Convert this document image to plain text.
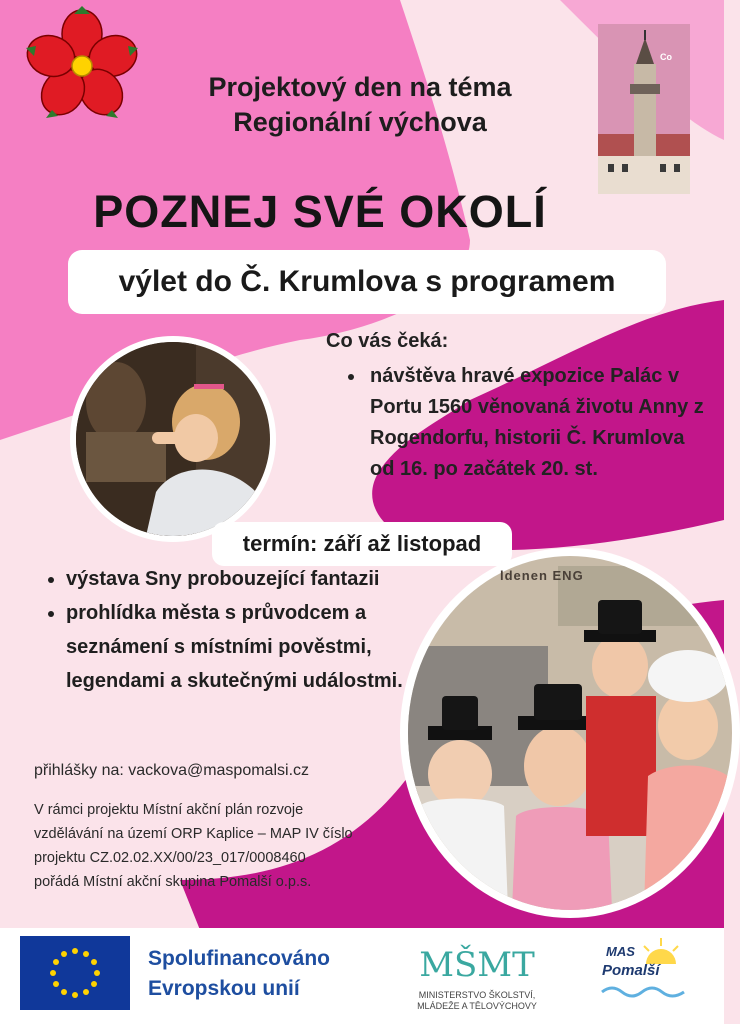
Projektový den na téma
Regionální výchova
Co
POZNEJ SVÉ OKOLÍ
výlet do Č. Krumlova s programem
Co vás čeká:
• návštěva hravé expozice Palác v Portu 1560 věnovaná životu Anny z Rogendorfu, historii Č. Krumlova od 16. po začátek 20. st.
termín: září až listopad
ldenen ENG
• výstava Sny probouzející fantazii
• prohlídka města s průvodcem a seznámení s místními pověstmi, legendami a skutečnými událostmi.
přihlášky na: vackova@maspomalsi.cz
V rámci projektu Místní akční plán rozvoje
vzdělávání na území ORP Kaplice – MAP IV číslo
projektu CZ.02.02.XX/00/23_017/0008460
pořádá Místní akční skupina Pomalší o.p.s.
Spolufinancováno
Evropskou unií
MŠMT
MINISTERSTVO ŠKOLSTVÍ,
MLÁDEŽE A TĚLOVÝCHOVY
MAS
Pomalší
